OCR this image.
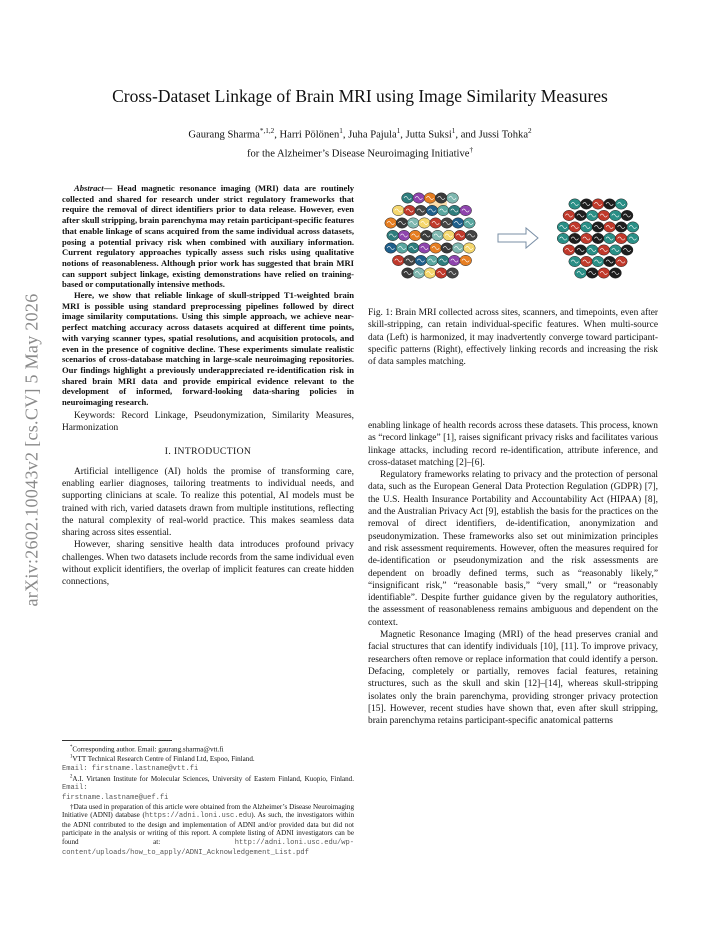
arXiv:2602.10043v2 [cs.CV] 5 May 2026
Cross-Dataset Linkage of Brain MRI using Image Similarity Measures
Gaurang Sharma$^{*,1,2}$, Harri Pölönen$^1$, Juha Pajula$^1$, Jutta Suksi$^1$, and Jussi Tohka$^2$
for the Alzheimer’s Disease Neuroimaging Initiative†

Abstract— Head magnetic resonance imaging (MRI) data are routinely collected and shared for research under strict regulatory frameworks that require the removal of direct identifiers prior to data release. However, even after skull stripping, brain parenchyma may retain participant-specific features that enable linkage of scans acquired from the same individual across datasets, posing a potential privacy risk when combined with auxiliary information. Current regulatory approaches typically assess such risks using qualitative notions of reasonableness. Although prior work has suggested that brain MRI can support subject linkage, existing demonstrations have relied on training-based or computationally intensive methods.

Here, we show that reliable linkage of skull-stripped T1-weighted brain MRI is possible using standard preprocessing pipelines followed by direct image similarity computations. Using this simple approach, we achieve near-perfect matching accuracy across datasets acquired at different time points, with varying scanner types, spatial resolutions, and acquisition protocols, and even in the presence of cognitive decline. These experiments simulate realistic scenarios of cross-database matching in large-scale neuroimaging repositories. Our findings highlight a previously underappreciated re-identification risk in shared brain MRI data and provide empirical evidence relevant to the development of informed, forward-looking data-sharing policies in neuroimaging research.

Keywords: Record Linkage, Pseudonymization, Similarity Measures, Harmonization

I. INTRODUCTION

Artificial intelligence (AI) holds the promise of transforming care, enabling earlier diagnoses, tailoring treatments to individual needs, and supporting clinicians at scale. To realize this potential, AI models must be trained with rich, varied datasets drawn from multiple institutions, reflecting the natural complexity of real-world practice. This makes seamless data sharing across sites essential.

However, sharing sensitive health data introduces profound privacy challenges. When two datasets include records from the same individual even without explicit identifiers, the overlap of implicit features can create hidden connections,

*Corresponding author. Email: gaurang.sharma@vtt.fi

$^1$VTT Technical Research Centre of Finland Ltd, Espoo, Finland.
Email: firstname.lastname@vtt.fi

$^2$A.I. Virtanen Institute for Molecular Sciences, University of Eastern Finland, Kuopio, Finland. Email:
firstname.lastname@uef.fi

†Data used in preparation of this article were obtained from the Alzheimer’s Disease Neuroimaging Initiative (ADNI) database (https://adni.loni.usc.edu). As such, the investigators within the ADNI contributed to the design and implementation of ADNI and/or provided data but did not participate in the analysis or writing of this report. A complete listing of ADNI investigators can be found at:	http://adni.loni.usc.edu/wp-content/uploads/how_to_apply/ADNI_Acknowledgement_List.pdf

Fig. 1: Brain MRI collected across sites, scanners, and timepoints, even after skill-stripping, can retain individual-specific features. When multi-source data (Left) is harmonized, it may inadvertently converge toward participant-specific patterns (Right), effectively linking records and increasing the risk of data samples matching.

enabling linkage of health records across these datasets. This process, known as “record linkage” [1], raises significant privacy risks and facilitates various linkage attacks, including record re-identification, attribute inference, and cross-dataset matching [2]–[6].

Regulatory frameworks relating to privacy and the protection of personal data, such as the European General Data Protection Regulation (GDPR) [7], the U.S. Health Insurance Portability and Accountability Act (HIPAA) [8], and the Australian Privacy Act [9], establish the basis for the practices on the removal of direct identifiers, de-identification, anonymization and pseudonymization. These frameworks also set out minimization principles and risk assessment requirements. However, often the measures required for de-identification or pseudonymization and the risk assessments are dependent on broadly defined terms, such as “reasonably likely,” “insignificant risk,” “reasonable basis,” “very small,” or “reasonably identifiable”. Despite further guidance given by the regulatory authorities, the assessment of reasonableness remains ambiguous and dependent on the context.

Magnetic Resonance Imaging (MRI) of the head preserves cranial and facial structures that can identify individuals [10], [11]. To improve privacy, researchers often remove or replace information that could identify a person. Defacing, completely or partially, removes facial features, retaining structures, such as the skull and skin [12]–[14], whereas skull-stripping isolates only the brain parenchyma, providing stronger privacy protection [15]. However, recent studies have shown that, even after skull stripping, brain parenchyma retains participant-specific anatomical patterns
